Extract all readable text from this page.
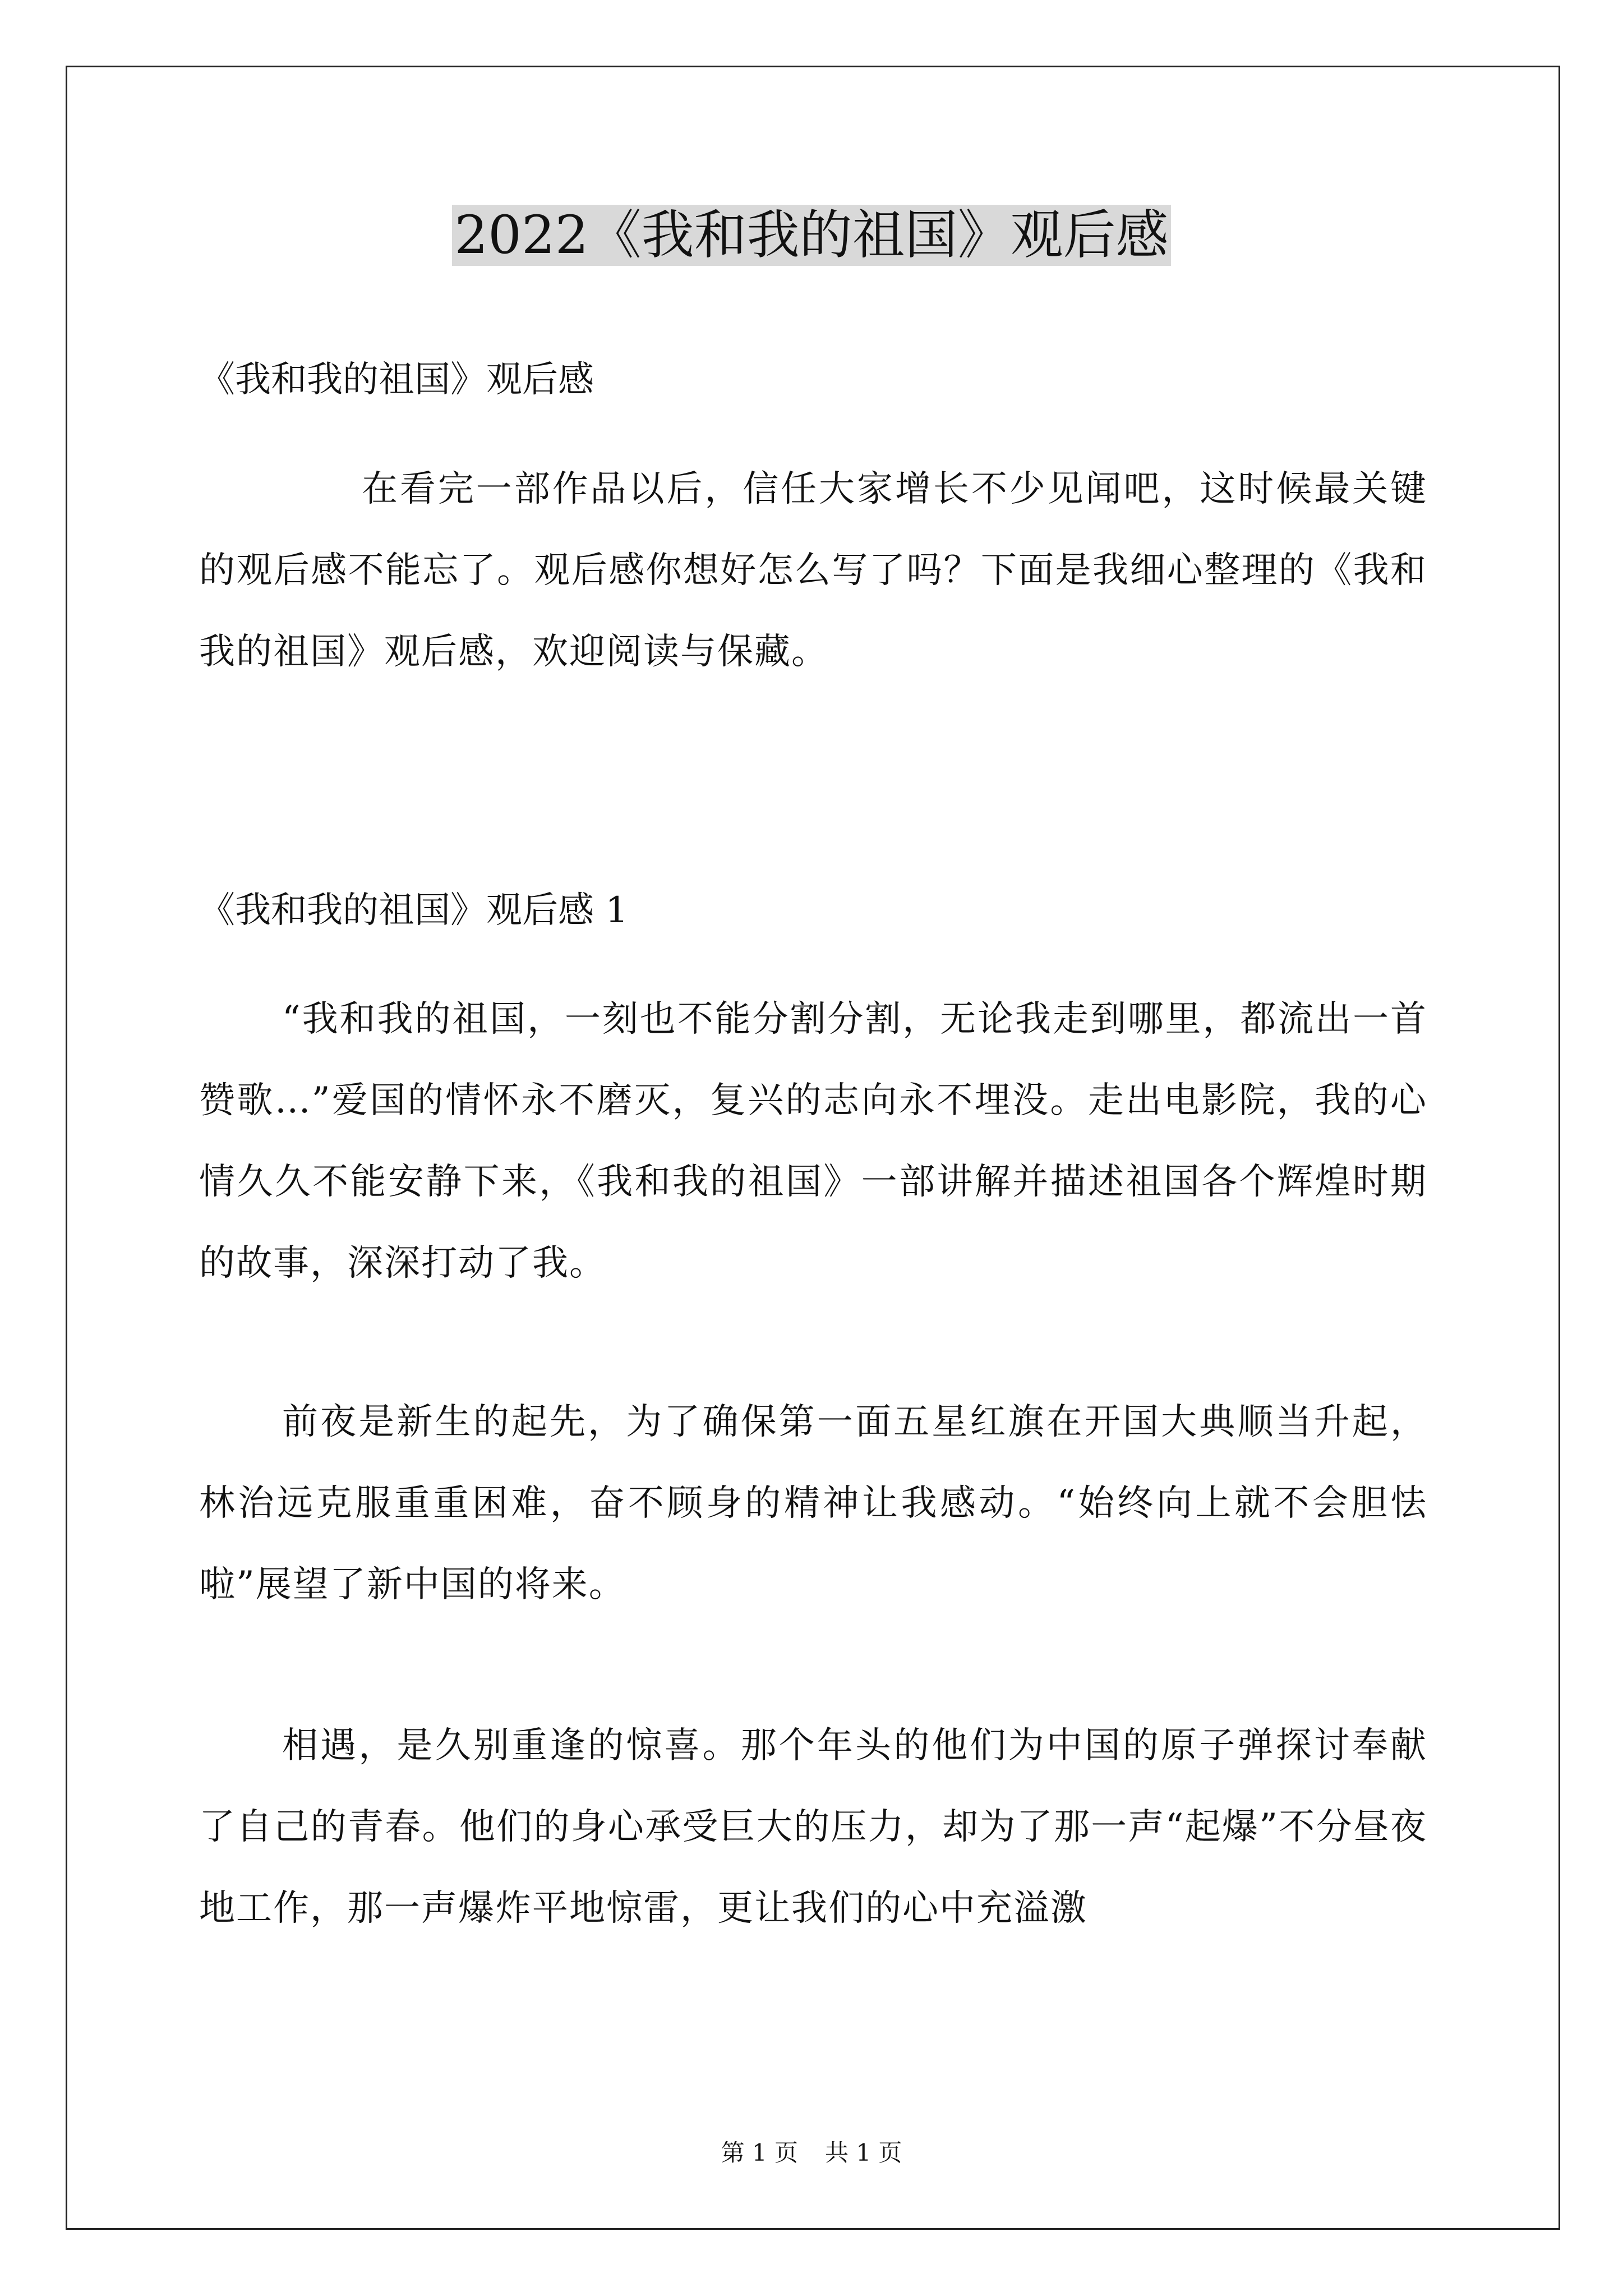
2022《我和我的祖国》观后感
《我和我的祖国》观后感
在看完一部作品以后，信任大家增长不少见闻吧，这时候最关键的观后感不能忘了。观后感你想好怎么写了吗？下面是我细心整理的《我和我的祖国》观后感，欢迎阅读与保藏。
《我和我的祖国》观后感 1
“我和我的祖国，一刻也不能分割分割，无论我走到哪里，都流出一首赞歌…”爱国的情怀永不磨灭，复兴的志向永不埋没。走出电影院，我的心情久久不能安静下来，《我和我的祖国》一部讲解并描述祖国各个辉煌时期的故事，深深打动了我。
前夜是新生的起先，为了确保第一面五星红旗在开国大典顺当升起，林治远克服重重困难，奋不顾身的精神让我感动。“始终向上就不会胆怯 啦”展望了新中国的将来。
相遇，是久别重逢的惊喜。那个年头的他们为中国的原子弹探讨奉献了自己的青春。他们的身心承受巨大的压力，却为了那一声“起爆”不分昼夜地工作，那一声爆炸平地惊雷，更让我们的心中充溢激
第 1 页 共 1 页
